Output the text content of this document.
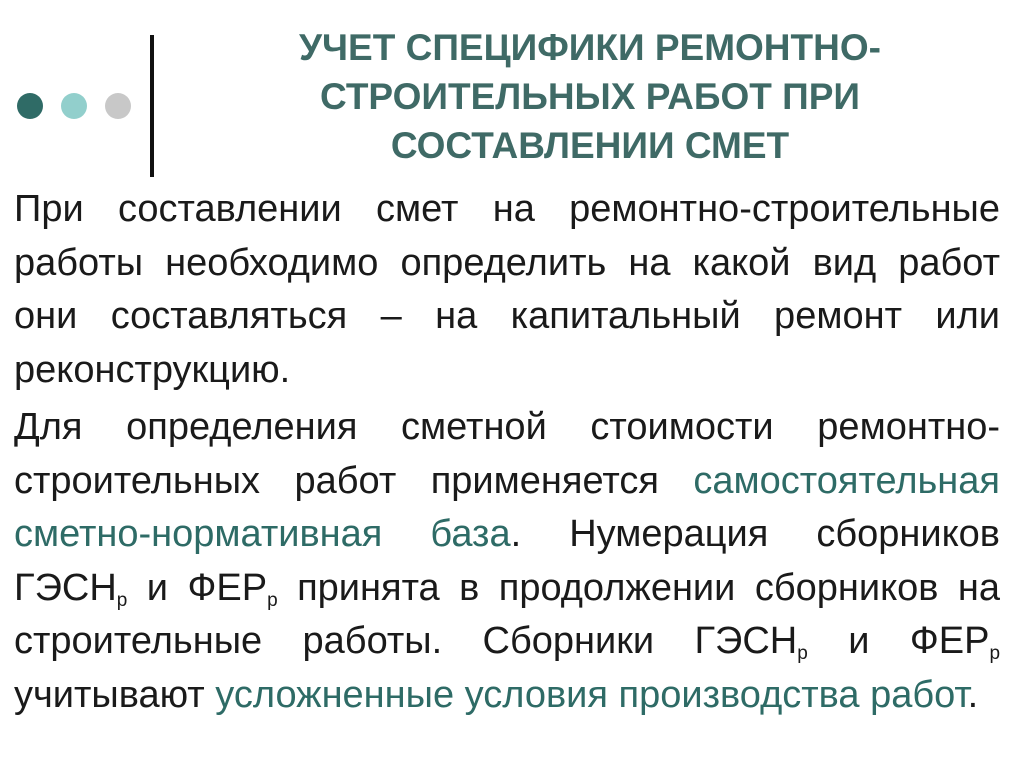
УЧЕТ СПЕЦИФИКИ РЕМОНТНО-СТРОИТЕЛЬНЫХ РАБОТ ПРИ СОСТАВЛЕНИИ СМЕТ

При составлении смет на ремонтно-строительные работы необходимо определить на какой вид работ они составляться – на капитальный ремонт или реконструкцию.

Для определения сметной стоимости ремонтно-строительных работ применяется самостоятельная сметно-нормативная база. Нумерация сборников $ГЭСН_р$ и $ФЕР_р$ принята в продолжении сборников на строительные работы. Сборники $ГЭСН_р$ и $ФЕР_р$ учитывают усложненные условия производства работ.
